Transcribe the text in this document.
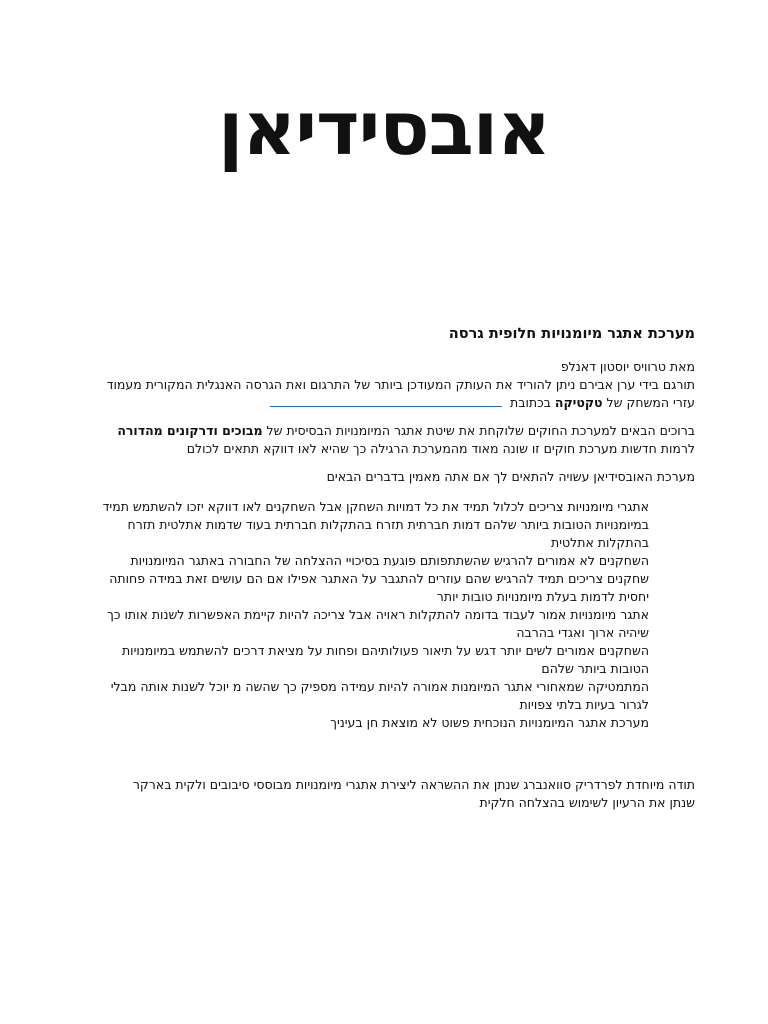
אובסידיאן
מערכת אתגר מיומנויות חלופית גרסה

מאת טרוויס יוסטון דאנלפ

תורגם בידי ערן אבירם ניתן להוריד את העותק המעודכן ביותר של התרגום ואת הגרסה האנגלית המקורית מעמוד

עזרי המשחק של טקטיקה בכתובת

ברוכים הבאים למערכת החוקים שלוקחת את שיטת אתגר המיומנויות הבסיסית של מבוכים ודרקונים מהדורה

לרמות חדשות מערכת חוקים זו שונה מאוד מהמערכת הרגילה כך שהיא לאו דווקא תתאים לכולם

מערכת האובסידיאן עשויה להתאים לך אם אתה מאמין בדברים הבאים

אתגרי מיומנויות צריכים לכלול תמיד את כל דמויות השחקן אבל השחקנים לאו דווקא יזכו להשתמש תמיד
במיומנויות הטובות ביותר שלהם דמות חברתית תזרח בהתקלות חברתית בעוד שדמות אתלטית תזרח
בהתקלות אתלטית
השחקנים לא אמורים להרגיש שהשתתפותם פוגעת בסיכויי ההצלחה של החבורה באתגר המיומנויות
שחקנים צריכים תמיד להרגיש שהם עוזרים להתגבר על האתגר אפילו אם הם עושים זאת במידה פחותה
יחסית לדמות בעלת מיומנויות טובות יותר
אתגר מיומנויות אמור לעבוד בדומה להתקלות ראויה אבל צריכה להיות קיימת האפשרות לשנות אותו כך
שיהיה ארוך ואגדי בהרבה
השחקנים אמורים לשים יותר דגש על תיאור פעולותיהם ופחות על מציאת דרכים להשתמש במיומנויות
הטובות ביותר שלהם
המתמטיקה שמאחורי אתגר המיומנות אמורה להיות עמידה מספיק כך שהשה מ יוכל לשנות אותה מבלי
לגרור בעיות בלתי צפויות
מערכת אתגר המיומנויות הנוכחית פשוט לא מוצאת חן בעיניך

תודה מיוחדת לפרדריק סוואנברג שנתן את ההשראה ליצירת אתגרי מיומנויות מבוססי סיבובים ולקית בארקר

שנתן את הרעיון לשימוש בהצלחה חלקית
